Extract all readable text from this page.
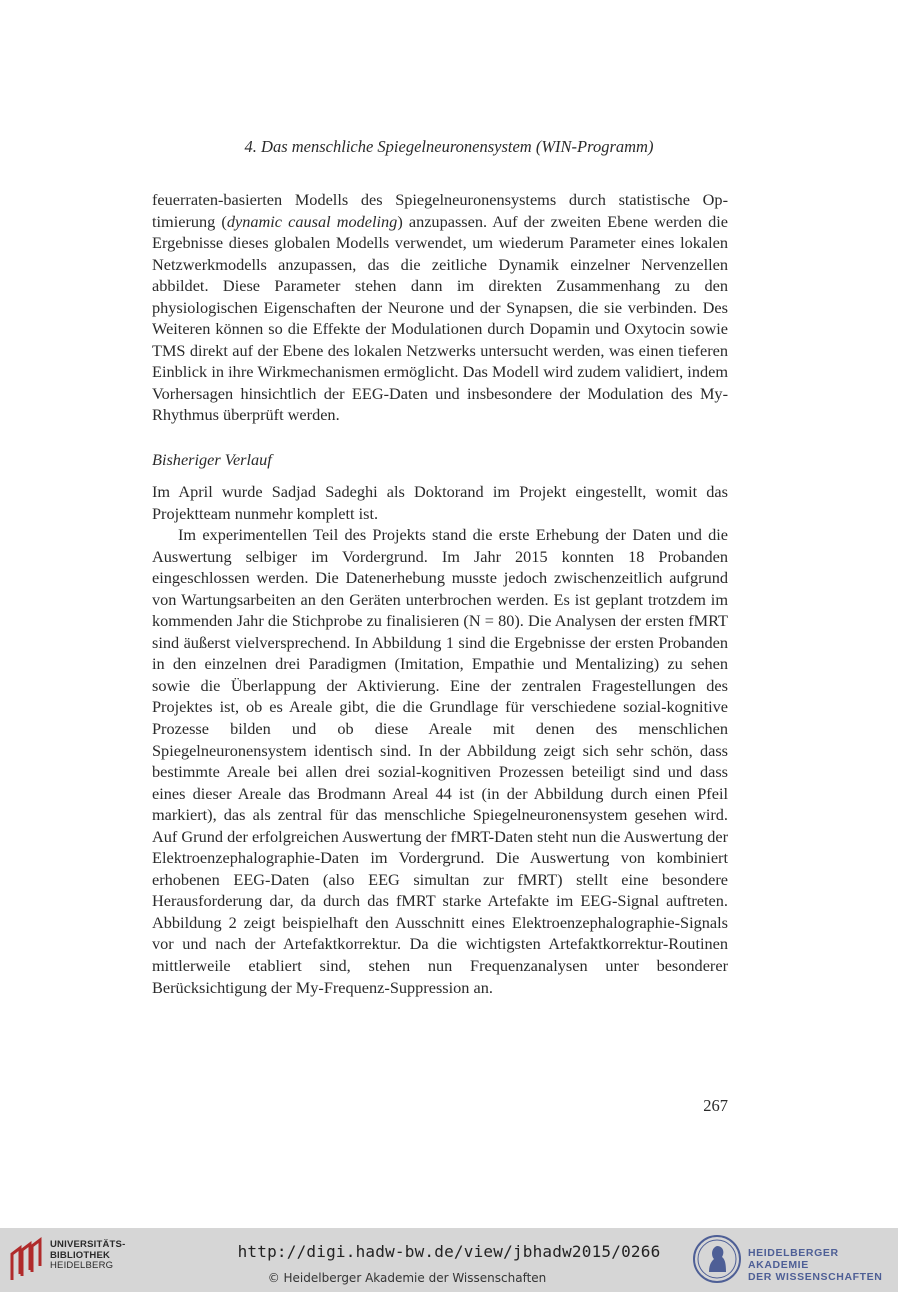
4. Das menschliche Spiegelneuronensystem (WIN-Programm)

feuerraten-basierten Modells des Spiegelneuronensystems durch statistische Optimierung (dynamic causal modeling) anzupassen. Auf der zweiten Ebene werden die Ergebnisse dieses globalen Modells verwendet, um wiederum Parameter eines lokalen Netzwerkmodells anzupassen, das die zeitliche Dynamik einzelner Nervenzellen abbildet. Diese Parameter stehen dann im direkten Zusammenhang zu den physiologischen Eigenschaften der Neurone und der Synapsen, die sie verbinden. Des Weiteren können so die Effekte der Modulationen durch Dopamin und Oxytocin sowie TMS direkt auf der Ebene des lokalen Netzwerks untersucht werden, was einen tieferen Einblick in ihre Wirkmechanismen ermöglicht. Das Modell wird zudem validiert, indem Vorhersagen hinsichtlich der EEG-Daten und insbesondere der Modulation des My-Rhythmus überprüft werden.

Bisheriger Verlauf

Im April wurde Sadjad Sadeghi als Doktorand im Projekt eingestellt, womit das Projektteam nunmehr komplett ist.

Im experimentellen Teil des Projekts stand die erste Erhebung der Daten und die Auswertung selbiger im Vordergrund. Im Jahr 2015 konnten 18 Probanden eingeschlossen werden. Die Datenerhebung musste jedoch zwischenzeitlich aufgrund von Wartungsarbeiten an den Geräten unterbrochen werden. Es ist geplant trotzdem im kommenden Jahr die Stichprobe zu finalisieren (N = 80). Die Analysen der ersten fMRT sind äußerst vielversprechend. In Abbildung 1 sind die Ergebnisse der ersten Probanden in den einzelnen drei Paradigmen (Imitation, Empathie und Mentalizing) zu sehen sowie die Überlappung der Aktivierung. Eine der zentralen Fragestellungen des Projektes ist, ob es Areale gibt, die die Grundlage für verschiedene sozial-kognitive Prozesse bilden und ob diese Areale mit denen des menschlichen Spiegelneuronensystem identisch sind. In der Abbildung zeigt sich sehr schön, dass bestimmte Areale bei allen drei sozial-kognitiven Prozessen beteiligt sind und dass eines dieser Areale das Brodmann Areal 44 ist (in der Abbildung durch einen Pfeil markiert), das als zentral für das menschliche Spiegelneuronensystem gesehen wird. Auf Grund der erfolgreichen Auswertung der fMRT-Daten steht nun die Auswertung der Elektroenzephalographie-Daten im Vordergrund. Die Auswertung von kombiniert erhobenen EEG-Daten (also EEG simultan zur fMRT) stellt eine besondere Herausforderung dar, da durch das fMRT starke Artefakte im EEG-Signal auftreten. Abbildung 2 zeigt beispielhaft den Ausschnitt eines Elektroenzephalographie-Signals vor und nach der Artefaktkorrektur. Da die wichtigsten Artefaktkorrektur-Routinen mittlerweile etabliert sind, stehen nun Frequenzanalysen unter besonderer Berücksichtigung der My-Frequenz-Suppression an.

267
UNIVERSITÄTS-
BIBLIOTHEK
HEIDELBERG
http://digi.hadw-bw.de/view/jbhadw2015/0266
© Heidelberger Akademie der Wissenschaften
HEIDELBERGER AKADEMIE
DER WISSENSCHAFTEN
